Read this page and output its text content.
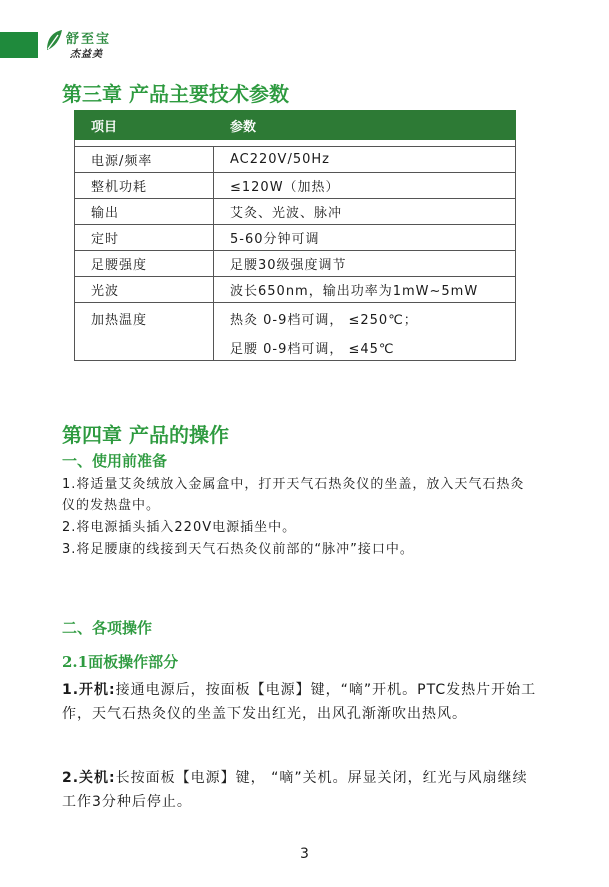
舒至宝
杰益美
第三章 产品主要技术参数
项目	参数

电源/频率	AC220V/50Hz
整机功耗	≤120W（加热）
输出	艾灸、光波、脉冲
定时	5-60分钟可调
足腰强度	足腰30级强度调节
光波	波长650nm，输出功率为1mW~5mW
加热温度	热灸 0-9档可调， ≤250℃；
足腰 0-9档可调， ≤45℃
第四章 产品的操作
一、使用前准备
1.将适量艾灸绒放入金属盒中，打开天气石热灸仪的坐盖，放入天气石热灸仪的发热盘中。
2.将电源插头插入220V电源插坐中。
3.将足腰康的线接到天气石热灸仪前部的“脉冲”接口中。
二、各项操作
2.1面板操作部分
1.开机:接通电源后，按面板【电源】键，“嘀”开机。PTC发热片开始工作，天气石热灸仪的坐盖下发出红光，出风孔渐渐吹出热风。
2.关机:长按面板【电源】键， “嘀”关机。屏显关闭，红光与风扇继续工作3分种后停止。
3
